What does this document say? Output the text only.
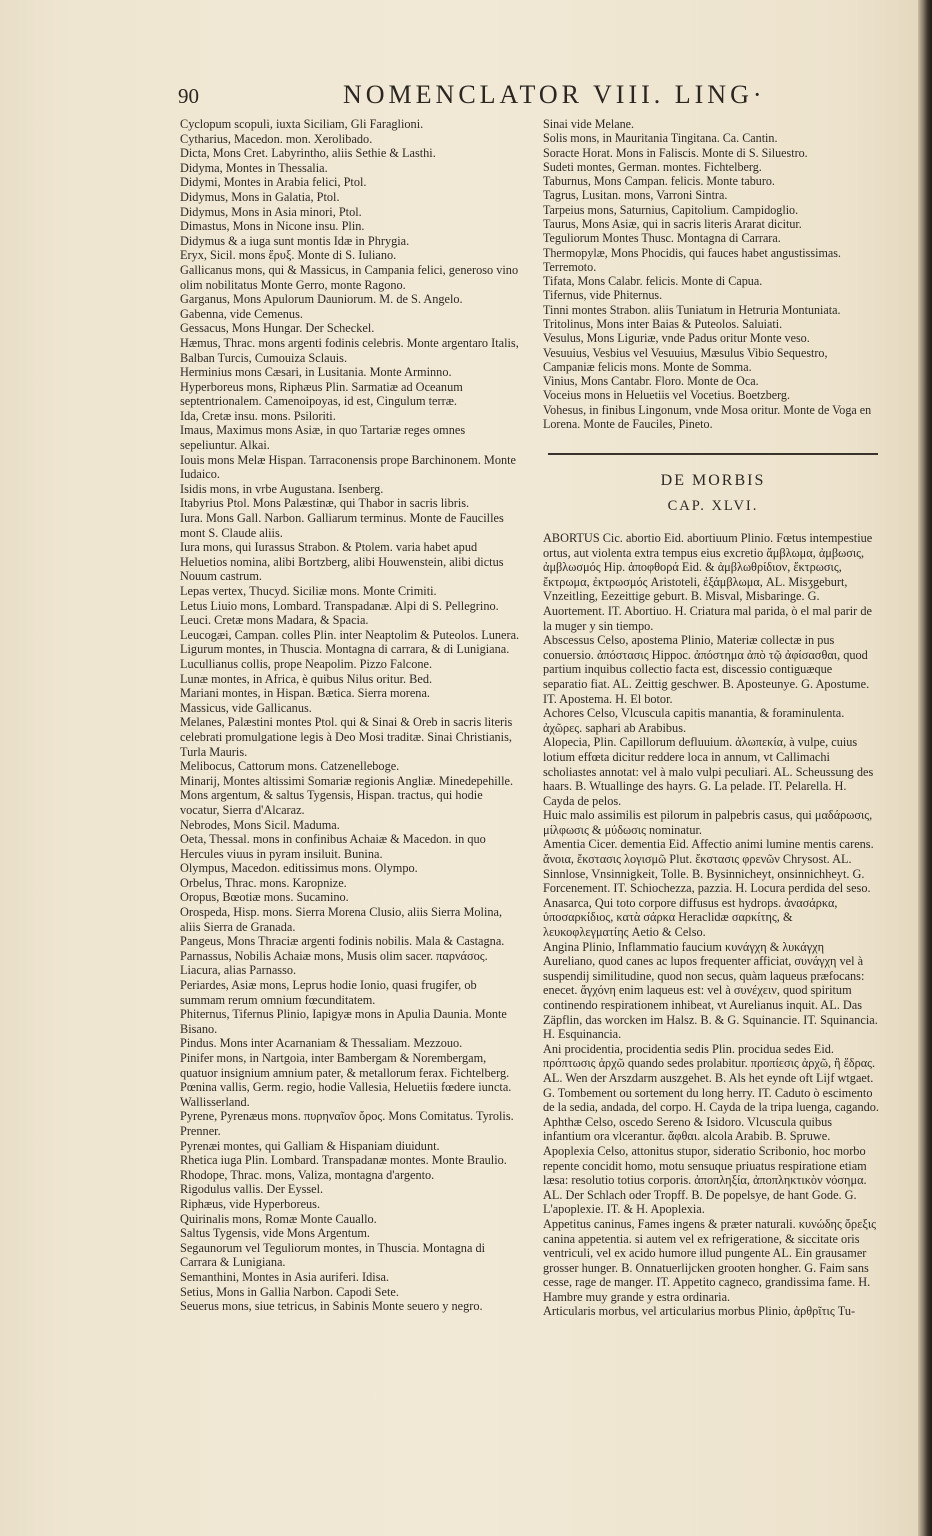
90	NOMENCLATOR VIII. LING·

Cyclopum scopuli, iuxta Siciliam, Gli Faraglioni.

Cytharius, Macedon. mon. Xerolibado.

Dicta, Mons Cret. Labyrintho, aliis Sethie & Lasthi.

Didyma, Montes in Thessalia.

Didymi, Montes in Arabia felici, Ptol.

Didymus, Mons in Galatia, Ptol.

Didymus, Mons in Asia minori, Ptol.

Dimastus, Mons in Nicone insu. Plin.

Didymus & a iuga sunt montis Idæ in Phrygia.

Eryx, Sicil. mons ἔρυξ. Monte di S. Iuliano.

Gallicanus mons, qui & Massicus, in Campania felici, generoso vino olim nobilitatus Monte Gerro, monte Ragono.

Garganus, Mons Apulorum Dauniorum. M. de S. Angelo.

Gabenna, vide Cemenus.

Gessacus, Mons Hungar. Der Scheckel.

Hæmus, Thrac. mons argenti fodinis celebris. Monte argentaro Italis, Balban Turcis, Cumouiza Sclauis.

Herminius mons Cæsari, in Lusitania. Monte Arminno.

Hyperboreus mons, Riphæus Plin. Sarmatiæ ad Oceanum septentrionalem. Camenoipoyas, id est, Cingulum terræ.

Ida, Cretæ insu. mons. Psiloriti.

Imaus, Maximus mons Asiæ, in quo Tartariæ reges omnes sepeliuntur. Alkai.

Iouis mons Melæ Hispan. Tarraconensis prope Barchinonem. Monte Iudaico.

Isidis mons, in vrbe Augustana. Isenberg.

Itabyrius Ptol. Mons Palæstinæ, qui Thabor in sacris libris.

Iura. Mons Gall. Narbon. Galliarum terminus. Monte de Faucilles mont S. Claude aliis.

Iura mons, qui Iurassus Strabon. & Ptolem. varia habet apud Heluetios nomina, alibi Bortzberg, alibi Houwenstein, alibi dictus Nouum castrum.

Lepas vertex, Thucyd. Siciliæ mons. Monte Crimiti.

Letus Liuio mons, Lombard. Transpadanæ. Alpi di S. Pellegrino.

Leuci. Cretæ mons Madara, & Spacia.

Leucogæi, Campan. colles Plin. inter Neaptolim & Puteolos. Lunera.

Ligurum montes, in Thuscia. Montagna di carrara, & di Lunigiana.

Lucullianus collis, prope Neapolim. Pizzo Falcone.

Lunæ montes, in Africa, è quibus Nilus oritur. Bed.

Mariani montes, in Hispan. Bætica. Sierra morena.

Massicus, vide Gallicanus.

Melanes, Palæstini montes Ptol. qui & Sinai & Oreb in sacris literis celebrati promulgatione legis à Deo Mosi traditæ. Sinai Christianis, Turla Mauris.

Melibocus, Cattorum mons. Catzenelleboge.

Minarij, Montes altissimi Somariæ regionis Angliæ. Minedepehille.

Mons argentum, & saltus Tygensis, Hispan. tractus, qui hodie vocatur, Sierra d'Alcaraz.

Nebrodes, Mons Sicil. Maduma.

Oeta, Thessal. mons in confinibus Achaiæ & Macedon. in quo Hercules viuus in pyram insiluit. Bunina.

Olympus, Macedon. editissimus mons. Olympo.

Orbelus, Thrac. mons. Karopnize.

Oropus, Bœotiæ mons. Sucamino.

Orospeda, Hisp. mons. Sierra Morena Clusio, aliis Sierra Molina, aliis Sierra de Granada.

Pangeus, Mons Thraciæ argenti fodinis nobilis. Mala & Castagna.

Parnassus, Nobilis Achaiæ mons, Musis olim sacer. παρνάσος. Liacura, alias Parnasso.

Periardes, Asiæ mons, Leprus hodie Ionio, quasi frugifer, ob summam rerum omnium fœcunditatem.

Phiternus, Tifernus Plinio, Iapigyæ mons in Apulia Daunia. Monte Bisano.

Pindus. Mons inter Acarnaniam & Thessaliam. Mezzouo.

Pinifer mons, in Nartgoia, inter Bambergam & Norembergam, quatuor insignium amnium pater, & metallorum ferax. Fichtelberg.

Pœnina vallis, Germ. regio, hodie Vallesia, Heluetiis fœdere iuncta. Wallisserland.

Pyrene, Pyrenæus mons. πυρηναῖον ὄρος. Mons Comitatus. Tyrolis. Prenner.

Pyrenæi montes, qui Galliam & Hispaniam diuidunt.

Rhetica iuga Plin. Lombard. Transpadanæ montes. Monte Braulio.

Rhodope, Thrac. mons, Valiza, montagna d'argento.

Rigodulus vallis. Der Eyssel.

Riphæus, vide Hyperboreus.

Quirinalis mons, Romæ Monte Cauallo.

Saltus Tygensis, vide Mons Argentum.

Segaunorum vel Teguliorum montes, in Thuscia. Montagna di Carrara & Lunigiana.

Semanthini, Montes in Asia auriferi. Idisa.

Setius, Mons in Gallia Narbon. Capodi Sete.

Seuerus mons, siue tetricus, in Sabinis Monte seuero y negro.

Sinai vide Melane.

Solis mons, in Mauritania Tingitana. Ca. Cantin.

Soracte Horat. Mons in Faliscis. Monte di S. Siluestro.

Sudeti montes, German. montes. Fichtelberg.

Taburnus, Mons Campan. felicis. Monte taburo.

Tagrus, Lusitan. mons, Varroni Sintra.

Tarpeius mons, Saturnius, Capitolium. Campidoglio.

Taurus, Mons Asiæ, qui in sacris literis Ararat dicitur.

Teguliorum Montes Thusc. Montagna di Carrara.

Thermopylæ, Mons Phocidis, qui fauces habet angustissimas. Terremoto.

Tifata, Mons Calabr. felicis. Monte di Capua.

Tifernus, vide Phiternus.

Tinni montes Strabon. aliis Tuniatum in Hetruria Montuniata.

Tritolinus, Mons inter Baias & Puteolos. Saluiati.

Vesulus, Mons Liguriæ, vnde Padus oritur Monte veso.

Vesuuius, Vesbius vel Vesuuius, Mæsulus Vibio Sequestro, Campaniæ felicis mons. Monte de Somma.

Vinius, Mons Cantabr. Floro. Monte de Oca.

Voceius mons in Heluetiis vel Vocetius. Boetzberg.

Vohesus, in finibus Lingonum, vnde Mosa oritur. Monte de Voga en Lorena. Monte de Fauciles, Pineto.

DE MORBIS
CAP. XLVI.

ABORTUS Cic. abortio Eid. abortiuum Plinio. Fœtus intempestiue ortus, aut violenta extra tempus eius excretio ἄμβλωμα, ἀμβωσις, ἀμβλωσμός Hip. ἀποφθορά Eid. & ἀμβλωθρίδιον, ἔκτρωσις, ἔκτρωμα, ἐκτρωσμός Aristoteli, ἐξάμβλωμα, AL. Misʒgeburt, Vnzeitling, Eezeittige geburt. B. Misval, Misbaringe. G. Auortement. IT. Abortiuo. H. Criatura mal parida, ò el mal parir de la muger y sin tiempo.

Abscessus Celso, apostema Plinio, Materiæ collectæ in pus conuersio. ἀπόστασις Hippoc. ἀπόστημα ἀπὸ τῷ ἀφίσασθαι, quod partium inquibus collectio facta est, discessio contiguæque separatio fiat. AL. Zeittig geschwer. B. Aposteunye. G. Apostume. IT. Apostema. H. El botor.

Achores Celso, Vlcuscula capitis manantia, & foraminulenta. ἀχῶρες. saphari ab Arabibus.

Alopecia, Plin. Capillorum defluuium. ἀλωπεκία, à vulpe, cuius lotium effœta dicitur reddere loca in annum, vt Callimachi scholiastes annotat: vel à malo vulpi peculiari. AL. Scheussung des haars. B. Wtuallinge des hayrs. G. La pelade. IT. Pelarella. H. Cayda de pelos.

Huic malo assimilis est pilorum in palpebris casus, qui μαδάρωσις, μίλφωσις & μύδωσις nominatur.

Amentia Cicer. dementia Eid. Affectio animi lumine mentis carens. ἄνοια, ἔκστασις λογισμῶ Plut. ἔκστασις φρενῶν Chrysost. AL. Sinnlose, Vnsinnigkeit, Tolle. B. Bysinnicheyt, onsinnichheyt. G. Forcenement. IT. Schiochezza, pazzia. H. Locura perdida del seso.

Anasarca, Qui toto corpore diffusus est hydrops. ἀνασάρκα, ὑποσαρκίδιος, κατὰ σάρκα Heraclidæ σαρκίτης, & λευκοφλεγματίης Aetio & Celso.

Angina Plinio, Inflammatio faucium κυνάγχη & λυκάγχη Aureliano, quod canes ac lupos frequenter afficiat, συνάγχη vel à suspendij similitudine, quod non secus, quàm laqueus præfocans: enecet. ἄγχόνη enim laqueus est: vel à συνέχειν, quod spiritum continendo respirationem inhibeat, vt Aurelianus inquit. AL. Das Zäpflin, das worcken im Halsz. B. & G. Squinancie. IT. Squinancia. H. Esquinancia.

Ani procidentia, procidentia sedis Plin. procidua sedes Eid. πρόπτωσις ἀρχῶ quando sedes prolabitur. προπίεσις ἀρχῶ, ἢ ἕδρας. AL. Wen der Arszdarm auszgehet. B. Als het eynde oft Lijf wtgaet. G. Tombement ou sortement du long herry. IT. Caduto ò escimento de la sedia, andada, del corpo. H. Cayda de la tripa luenga, cagando.

Aphthæ Celso, oscedo Sereno & Isidoro. Vlcuscula quibus infantium ora vlcerantur. ἄφθαι. alcola Arabib. B. Spruwe.

Apoplexia Celso, attonitus stupor, sideratio Scribonio, hoc morbo repente concidit homo, motu sensuque priuatus respiratione etiam læsa: resolutio totius corporis. ἀποπληξία, ἀποπληκτικὸν νόσημα. AL. Der Schlach oder Tropff. B. De popelsye, de hant Gode. G. L'apoplexie. IT. & H. Apoplexia.

Appetitus caninus, Fames ingens & præter naturali. κυνώδης ὄρεξις canina appetentia. si autem vel ex refrigeratione, & siccitate oris ventriculi, vel ex acido humore illud pungente AL. Ein grausamer grosser hunger. B. Onnatuerlijcken grooten hongher. G. Faim sans cesse, rage de manger. IT. Appetito cagneco, grandissima fame. H. Hambre muy grande y estra ordinaria.

Articularis morbus, vel articularius morbus Plinio, ἀρθρῖτις Tu-
